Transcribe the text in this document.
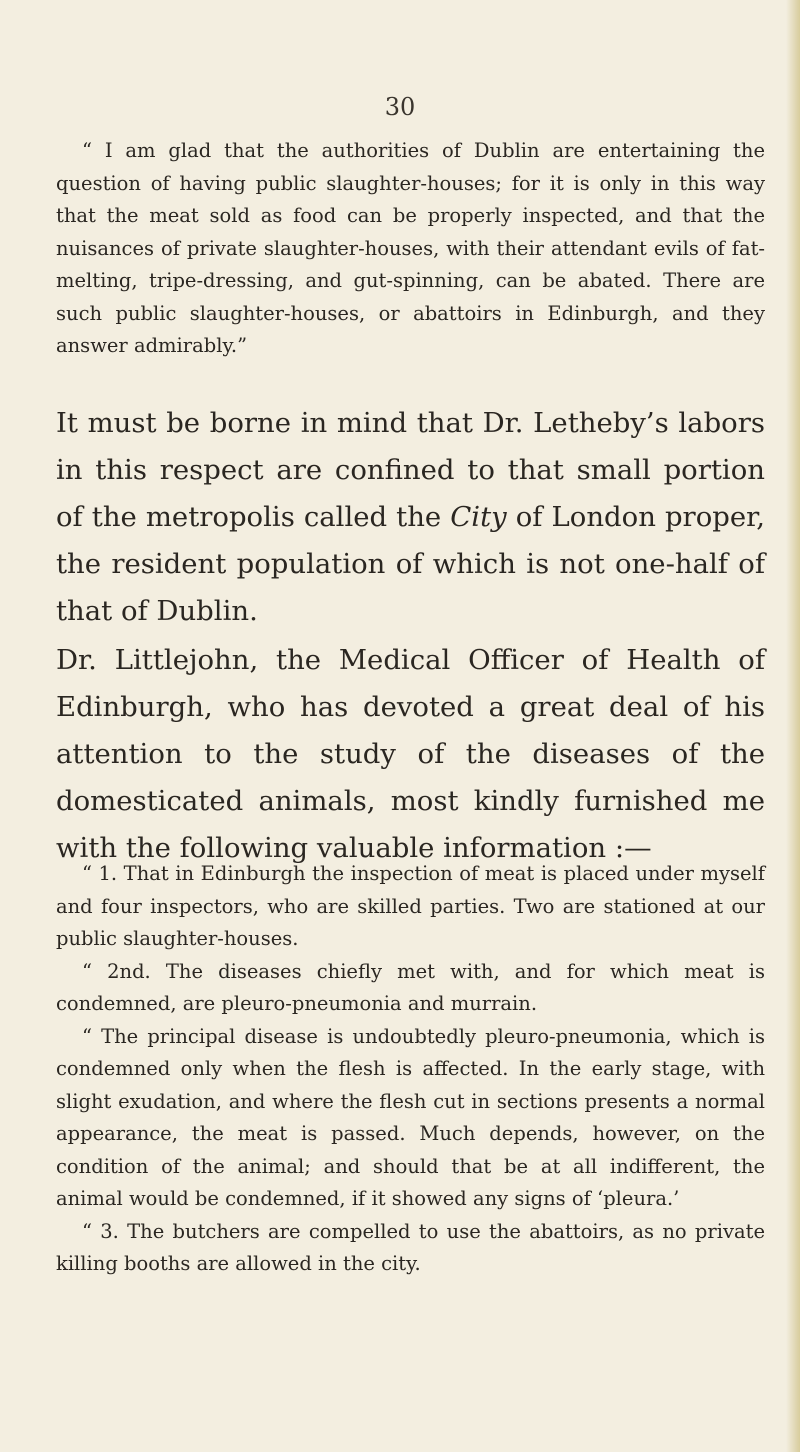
30

“ I am glad that the authorities of Dublin are entertaining the question of having public slaughter-houses; for it is only in this way that the meat sold as food can be properly inspected, and that the nuisances of private slaughter-houses, with their attendant evils of fat-melting, tripe-dressing, and gut-spinning, can be abated. There are such public slaughter-houses, or abattoirs in Edinburgh, and they answer admirably.”

It must be borne in mind that Dr. Letheby’s labors in this respect are confined to that small portion of the metropolis called the City of London proper, the resident population of which is not one-half of that of Dublin.

Dr. Littlejohn, the Medical Officer of Health of Edinburgh, who has devoted a great deal of his attention to the study of the diseases of the domesticated animals, most kindly furnished me with the following valuable information :—

“ 1. That in Edinburgh the inspection of meat is placed under myself and four inspectors, who are skilled parties. Two are stationed at our public slaughter-houses.

“ 2nd. The diseases chiefly met with, and for which meat is condemned, are pleuro-pneumonia and murrain.

“ The principal disease is undoubtedly pleuro-pneumonia, which is condemned only when the flesh is affected. In the early stage, with slight exudation, and where the flesh cut in sections presents a normal appearance, the meat is passed. Much depends, however, on the condition of the animal; and should that be at all indifferent, the animal would be condemned, if it showed any signs of ‘pleura.’

“ 3. The butchers are compelled to use the abattoirs, as no private killing booths are allowed in the city.
